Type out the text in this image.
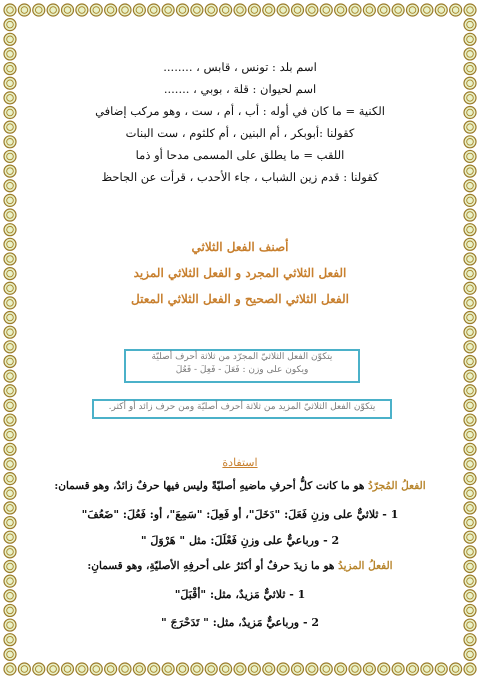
اسم بلد : تونس ، قابس ، ........
اسم لحيوان : قلة ، بوبي ، .......
الكنية = ما كان في أوله : أب ، أم ، ست ، وهو مركب إضافي
كقولنا :أبوبكر ، أم البنين ، أم كلثوم ، ست البنات
اللقب = ما يطلق على المسمى مدحا أو ذما
كقولنا : قدم زين الشباب ، جاء الأحدب ، قرأت عن الجاحظ
أصنف الفعل الثلاثي
الفعل الثلاثي المجرد و الفعل الثلاثي المزيد
الفعل الثلاثي الصحيح و الفعل الثلاثي المعتل
يتكوّن الفعل الثلاثيّ المجرّد من ثلاثة أحرف أصليّة
ويكون على وزن : فَعَلَ - فَعِلَ - فَعُلَ
يتكوّن الفعل الثلاثيّ المزيد من ثلاثة أحرف أصليّة ومن حرف زائد أو أكثر.
استفادة
الفعلُ المُجرّدُ هو ما كانت كلُّ أحرفِ ماضيهِ أصليّةً وليس فيها حرفٌ زائدٌ، وهو قسمان:
1 - ثلاثيٌّ على وزنِ فَعَلَ: "دَخَلَ"، أو فَعِلَ: "سَمِعَ"، أو: فَعُلَ: "ضَعُفَ"
2 - ورباعيٌّ على وزنِ فَعْلَلَ: مثل " هَرْوَلَ "
الفعلُ المزيدُ هو ما زيدَ حرفٌ أو أكثرُ على أحرفِهِ الأصليّةِ، وهو قسمانِ:
1 - ثلاثيٌّ مَزيدٌ، مثل: "أقْبَلَ"
2 - ورباعيٌّ مَزيدٌ، مثل: " تَدَحْرَجَ "
